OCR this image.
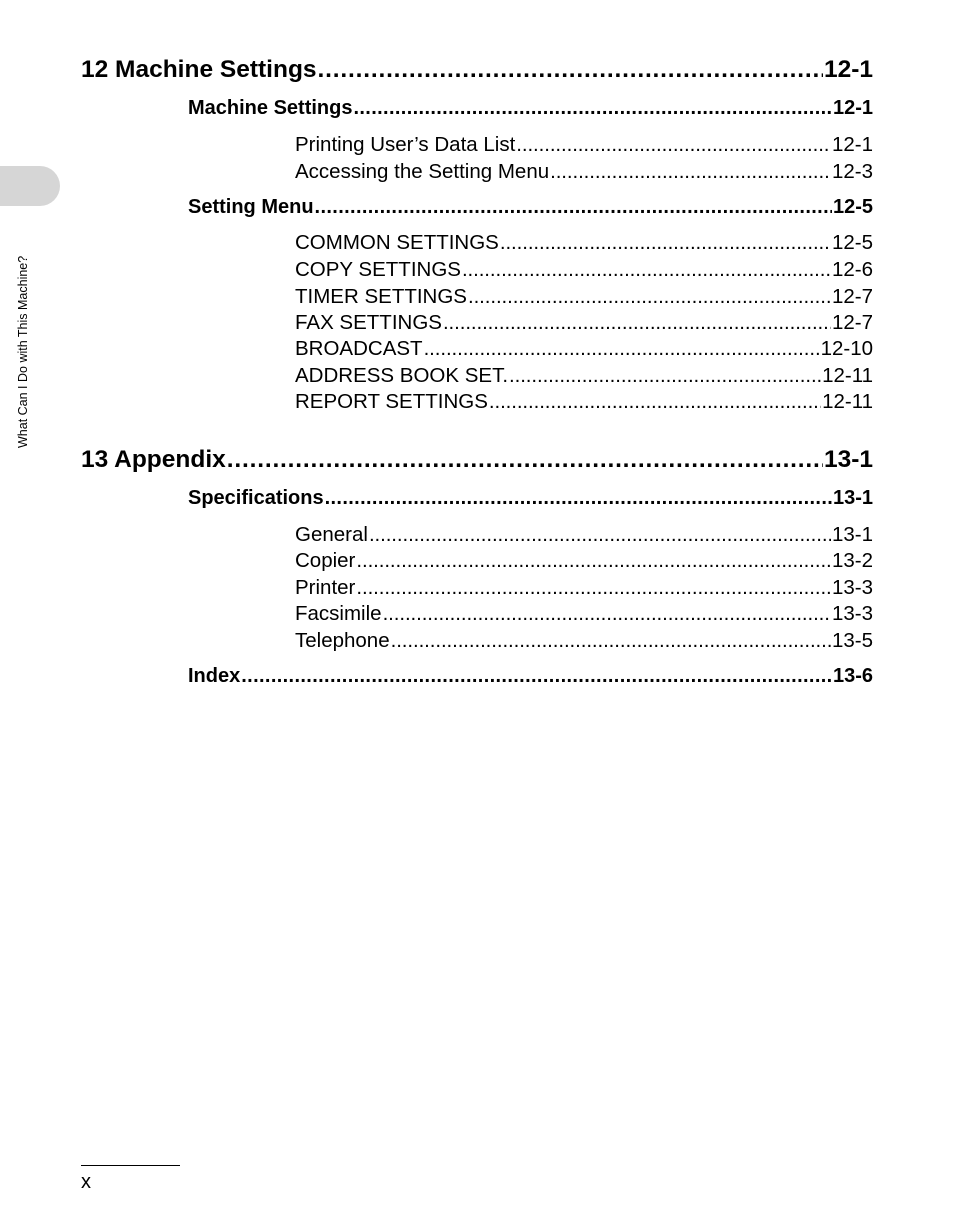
What Can I Do with This Machine?
12 Machine Settings . . .	12-1
Machine Settings . . .	12-1
Printing User’s Data List . . .	12-1
Accessing the Setting Menu . . .	12-3
Setting Menu . . .	12-5
COMMON SETTINGS . . .	12-5
COPY SETTINGS . . .	12-6
TIMER SETTINGS . . .	12-7
FAX SETTINGS . . .	12-7
BROADCAST . . .	12-10
ADDRESS BOOK SET. . . .	12-11
REPORT SETTINGS . . .	12-11
13 Appendix . . .	13-1
Specifications . . .	13-1
General . . .	13-1
Copier . . .	13-2
Printer . . .	13-3
Facsimile . . .	13-3
Telephone . . .	13-5
Index . . .	13-6
x
